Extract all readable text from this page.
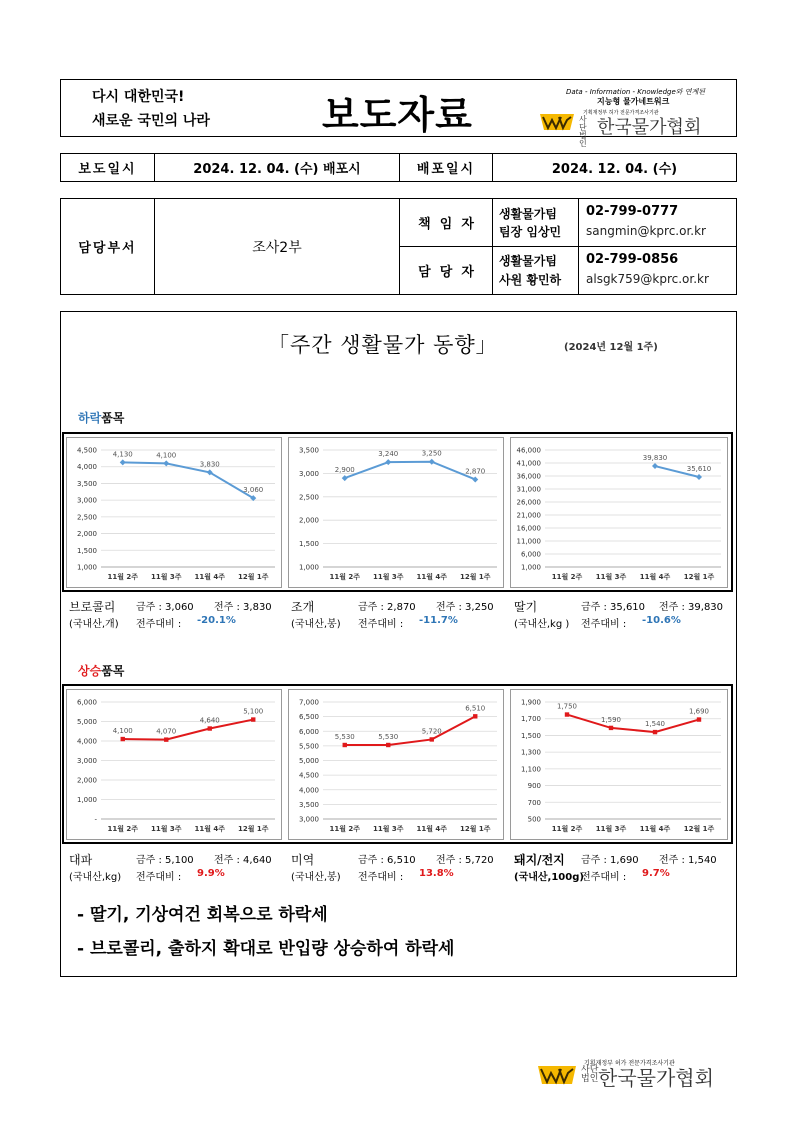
다시 대한민국!
새로운 국민의 나라	보도자료
Data - Information - Knowledge와 연계된
지능형 물가네트워크
기획재정부 허가 전문가격조사기관
사단
법인
한국물가협회
보도일시	2024. 12. 04. (수) 배포시	배포일시	2024. 12. 04. (수)
담당부서	조사2부
책  임  자
생활물가팀
팀장 임상민
02-799-0777
sangmin@kprc.or.kr
담  당  자
생활물가팀
사원 황민하
02-799-0856
alsgk759@kprc.or.kr
「주간 생활물가 동향」	(2024년 12월 1주)
하락품목
상승품목
1,000
1,500
2,000
2,500
3,000
3,500
4,000
4,500
11월 2주 11월 3주 11월 4주 12월 1주
4,130	4,100
3,830
3,060
1,000
1,500
2,000
2,500
3,000
3,500
11월 2주 11월 3주 11월 4주 12월 1주
2,900
3,240	3,250
2,870
1,000
6,000
11,000
16,000
21,000
26,000
31,000
36,000
41,000
46,000
11월 2주 11월 3주 11월 4주 12월 1주
39,830
35,610
-
1,000
2,000
3,000
4,000
5,000
6,000
11월 2주 11월 3주 11월 4주 12월 1주
4,100	4,070
4,640
5,100
3,000
3,500
4,000
4,500
5,000
5,500
6,000
6,500
7,000
11월 2주 11월 3주 11월 4주 12월 1주
5,530	5,530
5,720
6,510
500
700
900
1,100
1,300
1,500
1,700
1,900
11월 2주 11월 3주 11월 4주 12월 1주
1,750
1,590
1,540
1,690
브로콜리
(국내산,개)
금주 : 3,060 전주 : 3,830
전주대비 : -20.1%
조개
(국내산,봉)
금주 : 2,870 전주 : 3,250
전주대비 : -11.7%
딸기
(국내산,kg )
금주 : 35,610 전주 : 39,830
전주대비 : -10.6%
대파
(국내산,kg)
금주 : 5,100 전주 : 4,640
전주대비 : 9.9%
미역
(국내산,봉)
금주 : 6,510 전주 : 5,720
전주대비 : 13.8%
돼지/전지
(국내산,100g)
금주 : 1,690 전주 : 1,540
전주대비 : 9.7%
- 딸기, 기상여건 회복으로 하락세
- 브로콜리, 출하지 확대로 반입량 상승하여 하락세
기획재정부 허가 전문가격조사기관
사단
법인 한국물가협회
